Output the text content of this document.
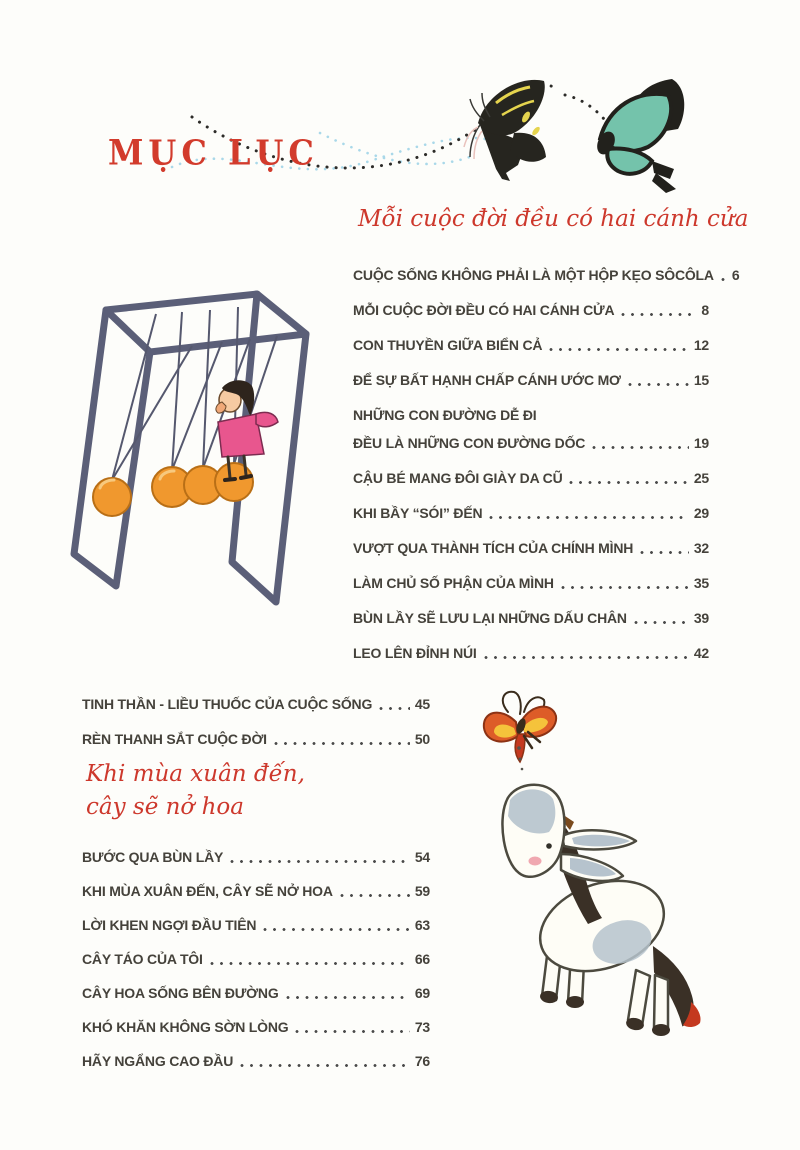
MỤC LỤC
Mỗi cuộc đời đều có hai cánh cửa
CUỘC SỐNG KHÔNG PHẢI LÀ MỘT HỘP KẸO SÔCÔLA 6
MỖI CUỘC ĐỜI ĐỀU CÓ HAI CÁNH CỬA	8
CON THUYỀN GIỮA BIỂN CẢ	12
ĐỂ SỰ BẤT HẠNH CHẤP CÁNH ƯỚC MƠ	15
NHỮNG CON ĐƯỜNG DỄ ĐI
ĐỀU LÀ NHỮNG CON ĐƯỜNG DỐC	19
CẬU BÉ MANG ĐÔI GIÀY DA CŨ	25
KHI BẦY “SÓI” ĐẾN	29
VƯỢT QUA THÀNH TÍCH CỦA CHÍNH MÌNH	32
LÀM CHỦ SỐ PHẬN CỦA MÌNH	35
BÙN LẦY SẼ LƯU LẠI NHỮNG DẤU CHÂN	39
LEO LÊN ĐỈNH NÚI	42
TINH THẦN - LIỀU THUỐC CỦA CUỘC SỐNG	45
RÈN THANH SẮT CUỘC ĐỜI	50
Khi mùa xuân đến,
cây sẽ nở hoa
BƯỚC QUA BÙN LẦY	54
KHI MÙA XUÂN ĐẾN, CÂY SẼ NỞ HOA	59
LỜI KHEN NGỢI ĐẦU TIÊN	63
CÂY TÁO CỦA TÔI	66
CÂY HOA SỐNG BÊN ĐƯỜNG	69
KHÓ KHĂN KHÔNG SỜN LÒNG	73
HÃY NGẨNG CAO ĐẦU	76
